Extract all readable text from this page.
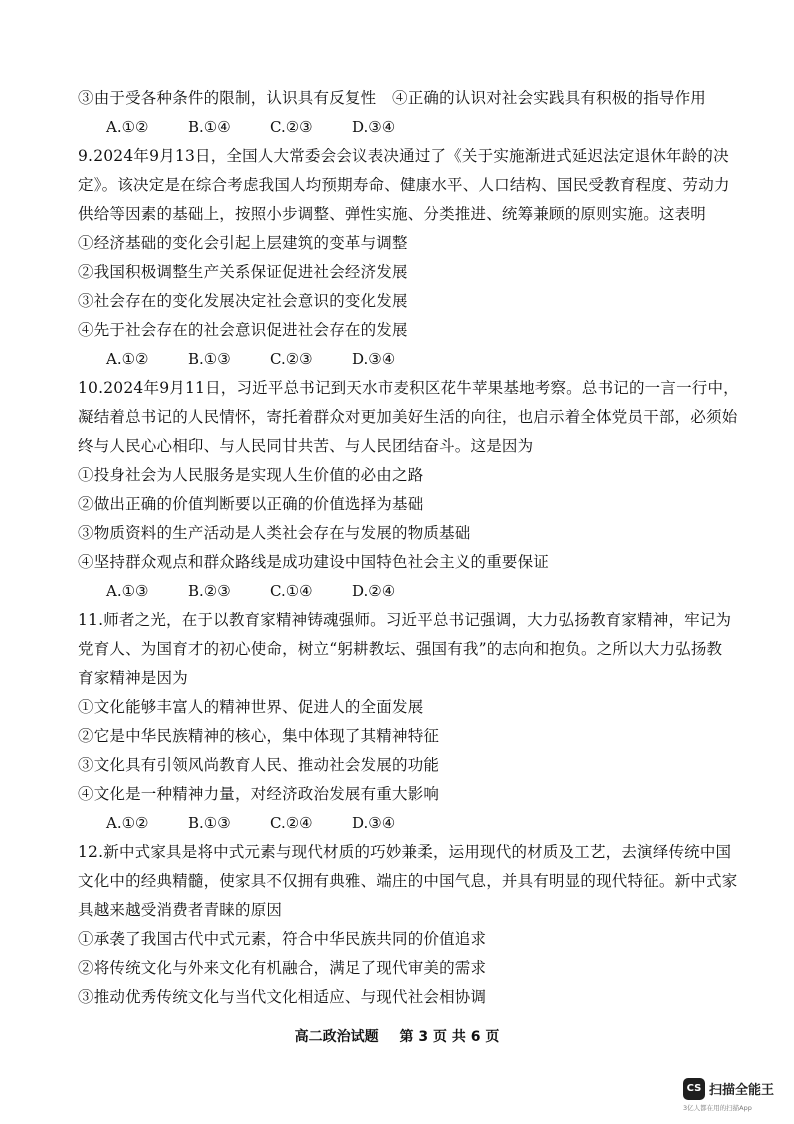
③由于受各种条件的限制，认识具有反复性　④正确的认识对社会实践具有积极的指导作用
A.①②	B.①④	C.②③	D.③④
9.2024年9月13日，全国人大常委会会议表决通过了《关于实施渐进式延迟法定退休年龄的决
定》。该决定是在综合考虑我国人均预期寿命、健康水平、人口结构、国民受教育程度、劳动力
供给等因素的基础上，按照小步调整、弹性实施、分类推进、统筹兼顾的原则实施。这表明
①经济基础的变化会引起上层建筑的变革与调整
②我国积极调整生产关系保证促进社会经济发展
③社会存在的变化发展决定社会意识的变化发展
④先于社会存在的社会意识促进社会存在的发展
A.①②	B.①③	C.②③	D.③④
10.2024年9月11日，习近平总书记到天水市麦积区花牛苹果基地考察。总书记的一言一行中，
凝结着总书记的人民情怀，寄托着群众对更加美好生活的向往，也启示着全体党员干部，必须始
终与人民心心相印、与人民同甘共苦、与人民团结奋斗。这是因为
①投身社会为人民服务是实现人生价值的必由之路
②做出正确的价值判断要以正确的价值选择为基础
③物质资料的生产活动是人类社会存在与发展的物质基础
④坚持群众观点和群众路线是成功建设中国特色社会主义的重要保证
A.①③	B.②③	C.①④	D.②④
11.师者之光，在于以教育家精神铸魂强师。习近平总书记强调，大力弘扬教育家精神，牢记为
党育人、为国育才的初心使命，树立“躬耕教坛、强国有我”的志向和抱负。之所以大力弘扬教
育家精神是因为
①文化能够丰富人的精神世界、促进人的全面发展
②它是中华民族精神的核心，集中体现了其精神特征
③文化具有引领风尚教育人民、推动社会发展的功能
④文化是一种精神力量，对经济政治发展有重大影响
A.①②	B.①③	C.②④	D.③④
12.新中式家具是将中式元素与现代材质的巧妙兼柔，运用现代的材质及工艺，去演绎传统中国
文化中的经典精髓，使家具不仅拥有典雅、端庄的中国气息，并具有明显的现代特征。新中式家
具越来越受消费者青睐的原因
①承袭了我国古代中式元素，符合中华民族共同的价值追求
②将传统文化与外来文化有机融合，满足了现代审美的需求
③推动优秀传统文化与当代文化相适应、与现代社会相协调
高二政治试题 第 3 页 共 6 页
CS 扫描全能王
3亿人都在用的扫描App
